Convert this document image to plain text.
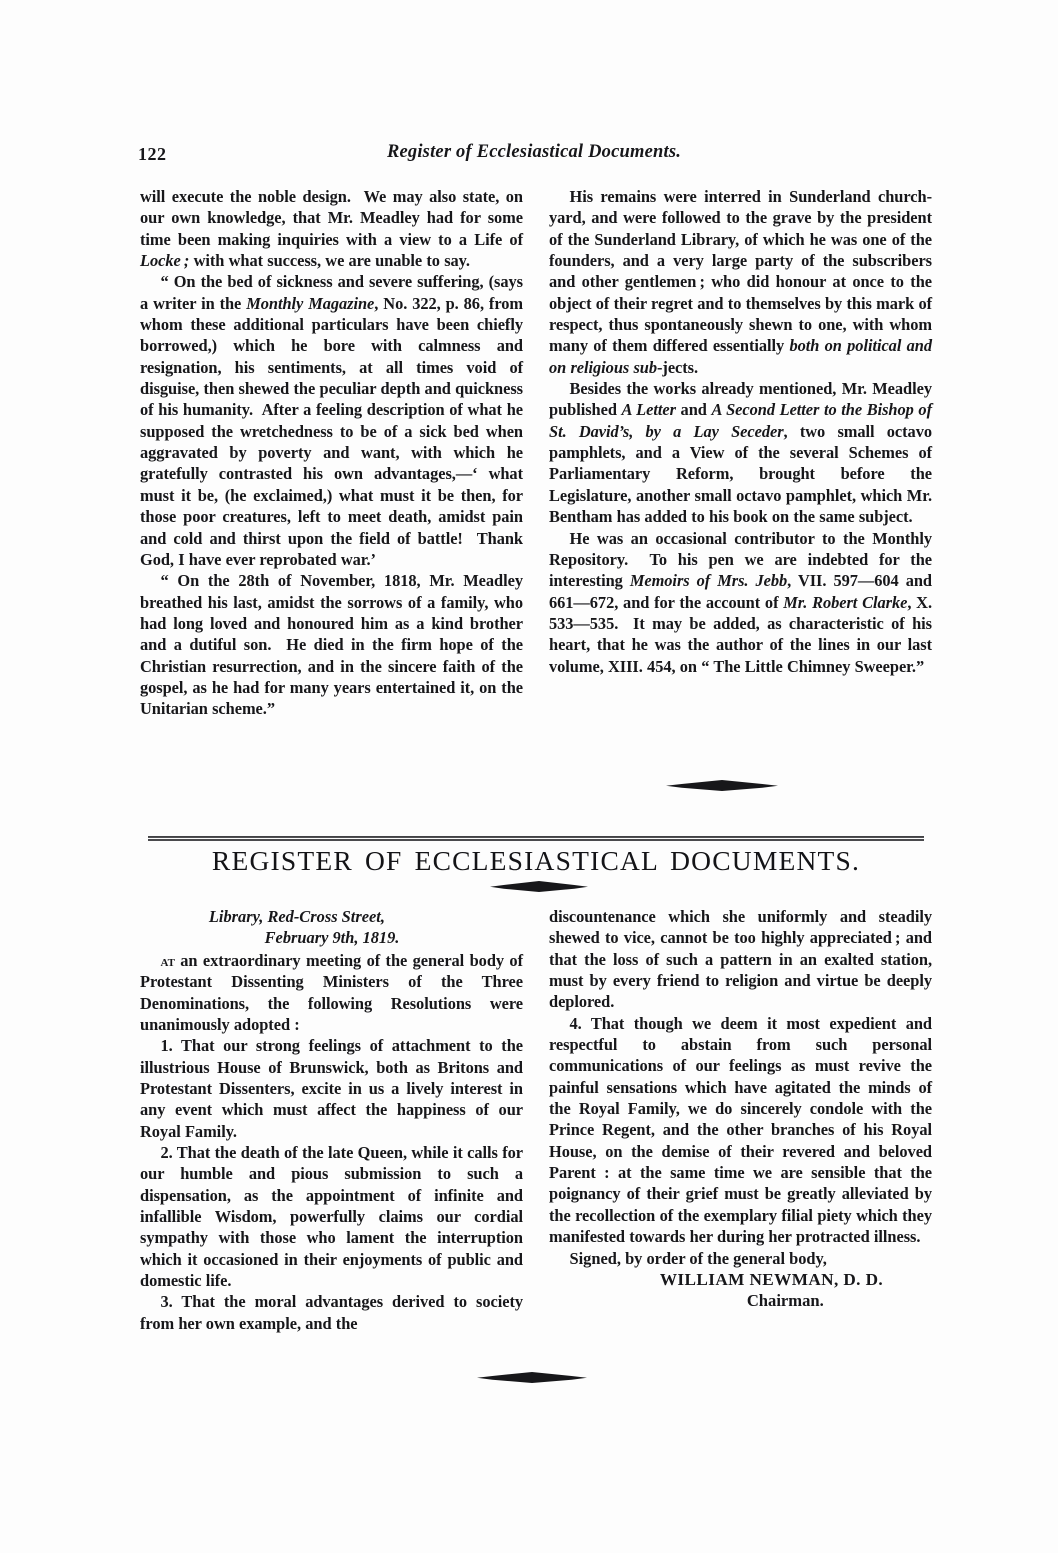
122	Register of Ecclesiastical Documents.

will execute the noble design.  We may also state, on our own knowledge, that Mr. Meadley had for some time been making inquiries with a view to a Life of Locke ; with what success, we are unable to say.

“ On the bed of sickness and severe suffering, (says a writer in the Monthly Magazine, No. 322, p. 86, from whom these additional particulars have been chiefly borrowed,) which he bore with calmness and resignation, his sentiments, at all times void of disguise, then shewed the peculiar depth and quickness of his humanity.  After a feeling description of what he supposed the wretchedness to be of a sick bed when aggravated by poverty and want, with which he gratefully contrasted his own advantages,—‘ what must it be, (he exclaimed,) what must it be then, for those poor creatures, left to meet death, amidst pain and cold and thirst upon the field of battle!  Thank God, I have ever reprobated war.’

“ On the 28th of November, 1818, Mr. Meadley breathed his last, amidst the sorrows of a family, who had long loved and honoured him as a kind brother and a dutiful son.  He died in the firm hope of the Christian resurrection, and in the sincere faith of the gospel, as he had for many years entertained it, on the Unitarian scheme.”

His remains were interred in Sunderland church-yard, and were followed to the grave by the president of the Sunderland Library, of which he was one of the founders, and a very large party of the subscribers and other gentlemen ; who did honour at once to the object of their regret and to themselves by this mark of respect, thus spontaneously shewn to one, with whom many of them differed essentially both on political and on religious sub-jects.

Besides the works already mentioned, Mr. Meadley published A Letter and A Second Letter to the Bishop of St. David’s, by a Lay Seceder, two small octavo pamphlets, and a View of the several Schemes of Parliamentary Reform, brought before the Legislature, another small octavo pamphlet, which Mr. Bentham has added to his book on the same subject.

He was an occasional contributor to the Monthly Repository.  To his pen we are indebted for the interesting Memoirs of Mrs. Jebb, VII. 597—604 and 661—672, and for the account of Mr. Robert Clarke, X. 533—535.  It may be added, as characteristic of his heart, that he was the author of the lines in our last volume, XIII. 454, on “ The Little Chimney Sweeper.”

REGISTER OF ECCLESIASTICAL DOCUMENTS.
Library, Red-Cross Street,
February 9th, 1819.

at an extraordinary meeting of the general body of Protestant Dissenting Ministers of the Three Denominations, the following Resolutions were unanimously adopted :

1. That our strong feelings of attachment to the illustrious House of Brunswick, both as Britons and Protestant Dissenters, excite in us a lively interest in any event which must affect the happiness of our Royal Family.

2. That the death of the late Queen, while it calls for our humble and pious submission to such a dispensation, as the appointment of infinite and infallible Wisdom, powerfully claims our cordial sympathy with those who lament the interruption which it occasioned in their enjoyments of public and domestic life.

3. That the moral advantages derived to society from her own example, and the

discountenance which she uniformly and steadily shewed to vice, cannot be too highly appreciated ; and that the loss of such a pattern in an exalted station, must by every friend to religion and virtue be deeply deplored.

4. That though we deem it most expedient and respectful to abstain from such personal communications of our feelings as must revive the painful sensations which have agitated the minds of the Royal Family, we do sincerely condole with the Prince Regent, and the other branches of his Royal House, on the demise of their revered and beloved Parent : at the same time we are sensible that the poignancy of their grief must be greatly alleviated by the recollection of the exemplary filial piety which they manifested towards her during her protracted illness.

Signed, by order of the general body,
WILLIAM NEWMAN, D. D.
Chairman.
